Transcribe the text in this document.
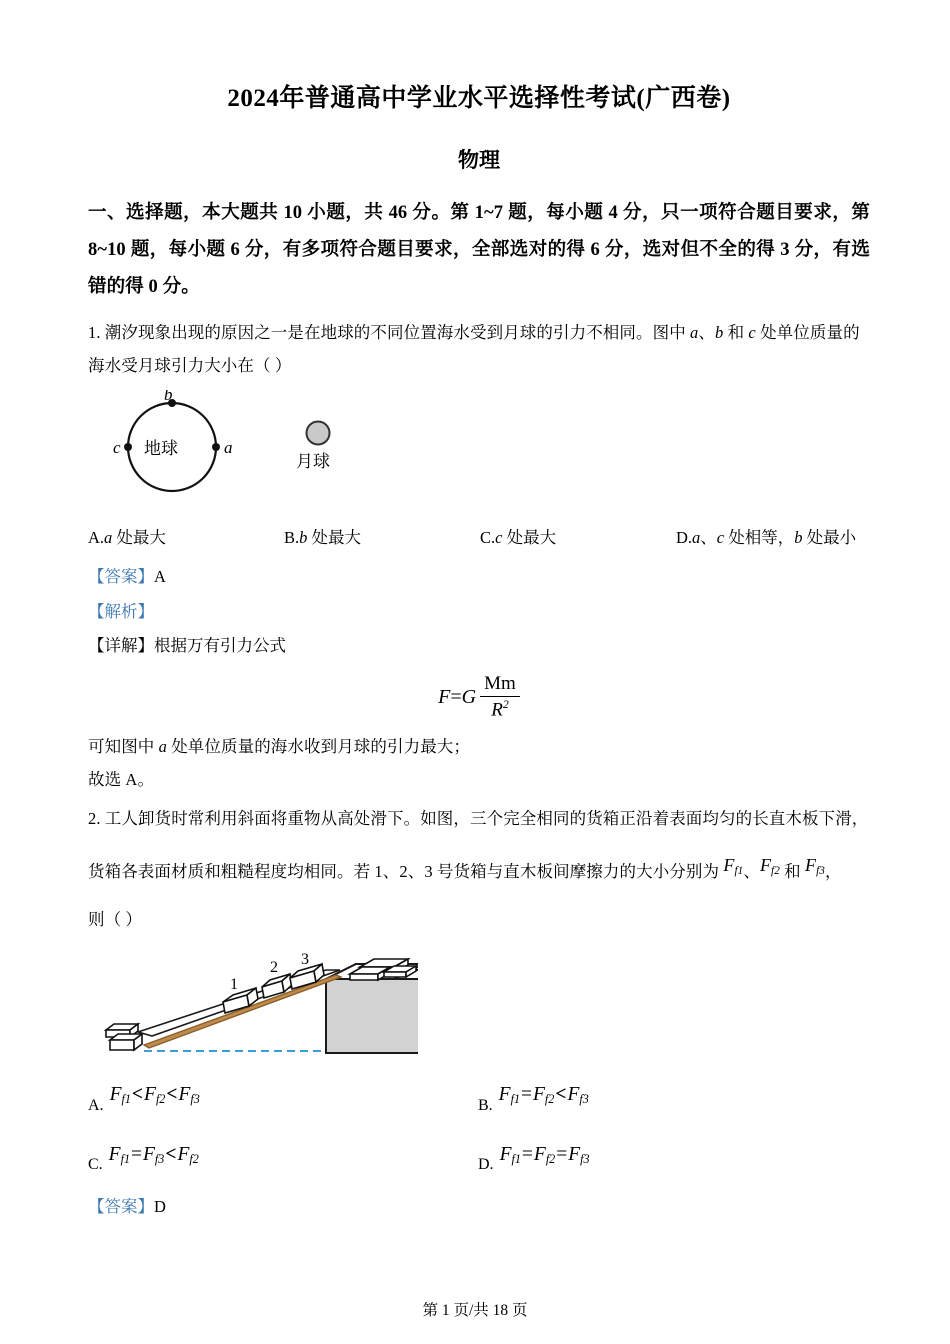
2024年普通高中学业水平选择性考试(广西卷)
物理
一、选择题，本大题共 10 小题，共 46 分。第 1~7 题，每小题 4 分，只一项符合题目要求，第 8~10 题，每小题 6 分，有多项符合题目要求，全部选对的得 6 分，选对但不全的得 3 分，有选错的得 0 分。
1. 潮汐现象出现的原因之一是在地球的不同位置海水受到月球的引力不相同。图中 a、b 和 c 处单位质量的
海水受月球引力大小在（ ）
a
b
c 地球
月球
A.a 处最大	B.b 处最大	C.c 处最大	D.a、c 处相等，b 处最小
【答案】A
【解析】
【详解】根据万有引力公式
$F=G \frac{Mm}{R^2}$
可知图中 a 处单位质量的海水收到月球的引力最大；
故选 A。
2. 工人卸货时常利用斜面将重物从高处滑下。如图，三个完全相同的货箱正沿着表面均匀的长直木板下滑，
货箱各表面材质和粗糙程度均相同。若 1、2、3 号货箱与直木板间摩擦力的大小分别为 $F_{f1}$、$F_{f2}$ 和 $F_{f3}$，
则（ ）
1
2 3
A. $F_{f1}<F_{f2}<F_{f3}$	B. $F_{f1}=F_{f2}<F_{f3}$
C. $F_{f1}=F_{f3}<F_{f2}$	D. $F_{f1}=F_{f2}=F_{f3}$
【答案】D
第 1 页/共 18 页
